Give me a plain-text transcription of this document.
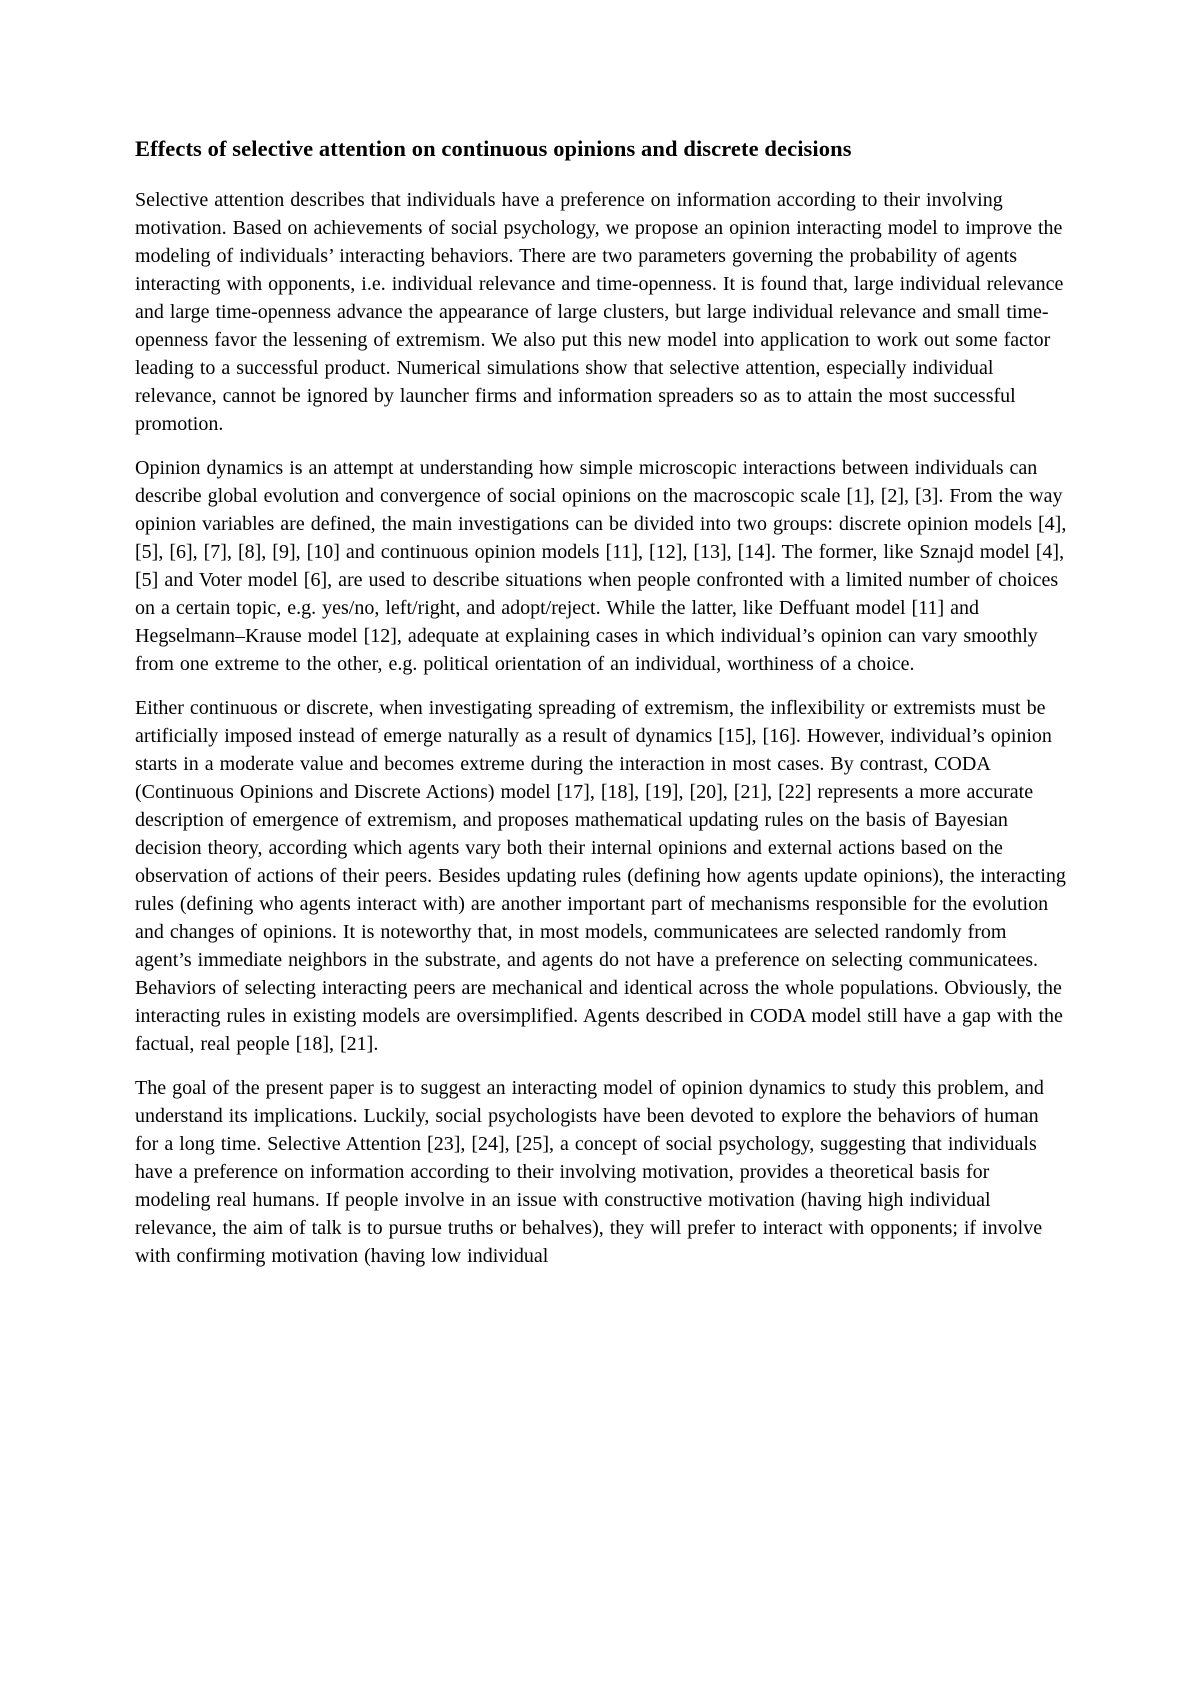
Effects of selective attention on continuous opinions and discrete decisions

Selective attention describes that individuals have a preference on information according to their involving motivation. Based on achievements of social psychology, we propose an opinion interacting model to improve the modeling of individuals’ interacting behaviors. There are two parameters governing the probability of agents interacting with opponents, i.e. individual relevance and time-openness. It is found that, large individual relevance and large time-openness advance the appearance of large clusters, but large individual relevance and small time-openness favor the lessening of extremism. We also put this new model into application to work out some factor leading to a successful product. Numerical simulations show that selective attention, especially individual relevance, cannot be ignored by launcher firms and information spreaders so as to attain the most successful promotion.

Opinion dynamics is an attempt at understanding how simple microscopic interactions between individuals can describe global evolution and convergence of social opinions on the macroscopic scale [1], [2], [3]. From the way opinion variables are defined, the main investigations can be divided into two groups: discrete opinion models [4], [5], [6], [7], [8], [9], [10] and continuous opinion models [11], [12], [13], [14]. The former, like Sznajd model [4], [5] and Voter model [6], are used to describe situations when people confronted with a limited number of choices on a certain topic, e.g. yes/no, left/right, and adopt/reject. While the latter, like Deffuant model [11] and Hegselmann–Krause model [12], adequate at explaining cases in which individual’s opinion can vary smoothly from one extreme to the other, e.g. political orientation of an individual, worthiness of a choice.

Either continuous or discrete, when investigating spreading of extremism, the inflexibility or extremists must be artificially imposed instead of emerge naturally as a result of dynamics [15], [16]. However, individual’s opinion starts in a moderate value and becomes extreme during the interaction in most cases. By contrast, CODA (Continuous Opinions and Discrete Actions) model [17], [18], [19], [20], [21], [22] represents a more accurate description of emergence of extremism, and proposes mathematical updating rules on the basis of Bayesian decision theory, according which agents vary both their internal opinions and external actions based on the observation of actions of their peers. Besides updating rules (defining how agents update opinions), the interacting rules (defining who agents interact with) are another important part of mechanisms responsible for the evolution and changes of opinions. It is noteworthy that, in most models, communicatees are selected randomly from agent’s immediate neighbors in the substrate, and agents do not have a preference on selecting communicatees. Behaviors of selecting interacting peers are mechanical and identical across the whole populations. Obviously, the interacting rules in existing models are oversimplified. Agents described in CODA model still have a gap with the factual, real people [18], [21].

The goal of the present paper is to suggest an interacting model of opinion dynamics to study this problem, and understand its implications. Luckily, social psychologists have been devoted to explore the behaviors of human for a long time. Selective Attention [23], [24], [25], a concept of social psychology, suggesting that individuals have a preference on information according to their involving motivation, provides a theoretical basis for modeling real humans. If people involve in an issue with constructive motivation (having high individual relevance, the aim of talk is to pursue truths or behalves), they will prefer to interact with opponents; if involve with confirming motivation (having low individual
